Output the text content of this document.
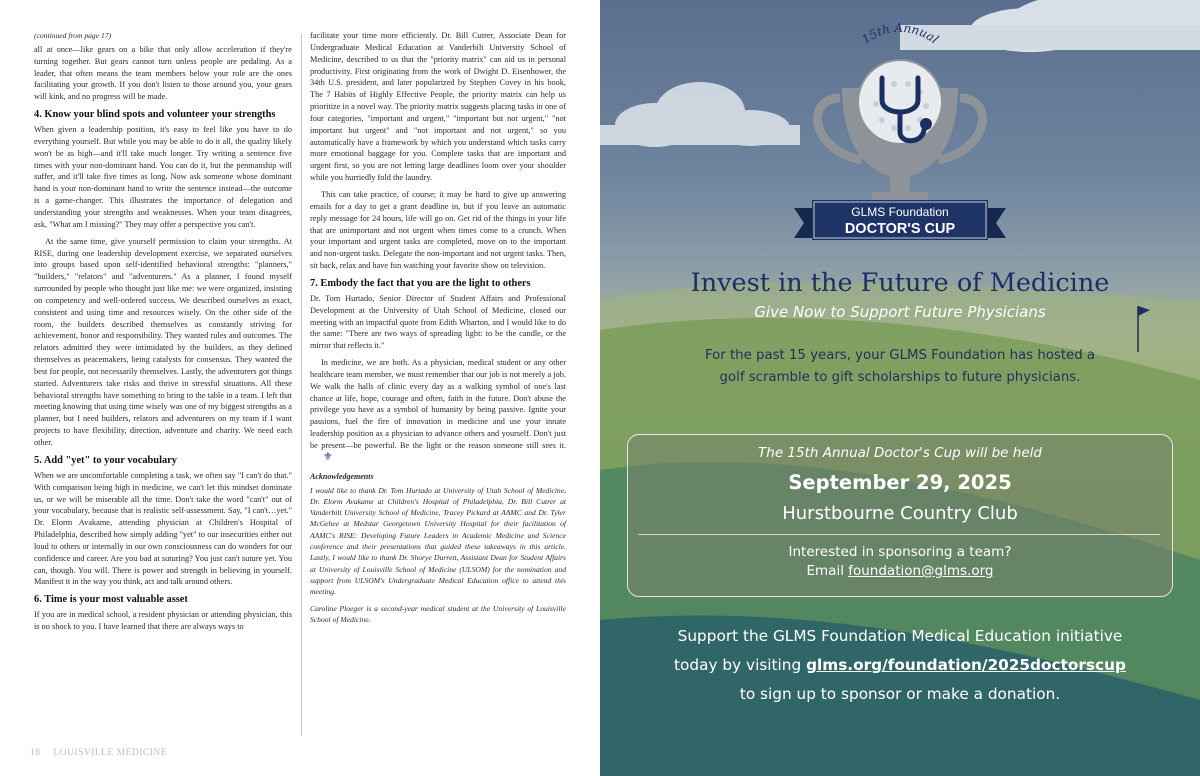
(continued from page 17)

all at once—like gears on a bike that only allow acceleration if they're turning together. But gears cannot turn unless people are pedaling. As a leader, that often means the team members below your role are the ones facilitating your growth. If you don't listen to those around you, your gears will kink, and no progress will be made.

4. Know your blind spots and volunteer your strengths

When given a leadership position, it's easy to feel like you have to do everything yourself. But while you may be able to do it all, the quality likely won't be as high—and it'll take much longer. Try writing a sentence five times with your non-dominant hand. You can do it, but the penmanship will suffer, and it'll take five times as long. Now ask someone whose dominant hand is your non-dominant hand to write the sentence instead—the outcome is a game-changer. This illustrates the importance of delegation and understanding your strengths and weaknesses. When your team disagrees, ask, "What am I missing?" They may offer a perspective you can't.

At the same time, give yourself permission to claim your strengths. At RISE, during one leadership development exercise, we separated ourselves into groups based upon self-identified behavioral strengths: "planners," "builders," "relators" and "adventurers." As a planner, I found myself surrounded by people who thought just like me: we were organized, insisting on competency and well-ordered success. We described ourselves as exact, consistent and using time and resources wisely. On the other side of the room, the builders described themselves as constantly striving for achievement, honor and responsibility. They wanted rules and outcomes. The relators admitted they were intimidated by the builders, as they defined themselves as peacemakers, being catalysts for consensus. They wanted the best for people, not necessarily themselves. Lastly, the adventurers got things started. Adventurers take risks and thrive in stressful situations. All these behavioral strengths have something to bring to the table in a team. I left that meeting knowing that using time wisely was one of my biggest strengths as a planner, but I need builders, relators and adventurers on my team if I want projects to have flexibility, direction, adventure and charity. We need each other.

5. Add "yet" to your vocabulary

When we are uncomfortable completing a task, we often say "I can't do that." With comparison being high in medicine, we can't let this mindset dominate us, or we will be miserable all the time. Don't take the word "can't" out of your vocabulary, because that is realistic self-assessment. Say, "I can't…yet." Dr. Elorm Avakame, attending physician at Children's Hospital of Philadelphia, described how simply adding "yet" to our insecurities either out loud to others or internally in our own consciousness can do wonders for our confidence and career. Are you bad at suturing? You just can't suture yet. You can, though. You will. There is power and strength in believing in yourself. Manifest it in the way you think, act and talk around others.

6. Time is your most valuable asset

If you are in medical school, a resident physician or attending physician, this is no shock to you. I have learned that there are always ways to

facilitate your time more efficiently. Dr. Bill Cutrer, Associate Dean for Undergraduate Medical Education at Vanderbilt University School of Medicine, described to us that the "priority matrix" can aid us in personal productivity. First originating from the work of Dwight D. Eisenhower, the 34th U.S. president, and later popularized by Stephen Covey in his book, The 7 Habits of Highly Effective People, the priority matrix can help us prioritize in a novel way. The priority matrix suggests placing tasks in one of four categories, "important and urgent," "important but not urgent," "not important but urgent" and "not important and not urgent," so you automatically have a framework by which you understand which tasks carry more emotional baggage for you. Complete tasks that are important and urgent first, so you are not letting large deadlines loom over your shoulder while you hurriedly fold the laundry.

This can take practice, of course; it may be hard to give up answering emails for a day to get a grant deadline in, but if you leave an automatic reply message for 24 hours, life will go on. Get rid of the things in your life that are unimportant and not urgent when times come to a crunch. When your important and urgent tasks are completed, move on to the important and non-urgent tasks. Delegate the non-important and not urgent tasks. Then, sit back, relax and have fun watching your favorite show on television.

7. Embody the fact that you are the light to others

Dr. Tom Hurtado, Senior Director of Student Affairs and Professional Development at the University of Utah School of Medicine, closed our meeting with an impactful quote from Edith Wharton, and I would like to do the same: "There are two ways of spreading light: to be the candle, or the mirror that reflects it."

In medicine, we are both. As a physician, medical student or any other healthcare team member, we must remember that our job is not merely a job. We walk the halls of clinic every day as a walking symbol of one's last chance at life, hope, courage and often, faith in the future. Don't abuse the privilege you have as a symbol of humanity by being passive. Ignite your passions, fuel the fire of innovation in medicine and use your innate leadership position as a physician to advance others and yourself. Don't just be present—be powerful. Be the light or the reason someone still sees it.⚜

Acknowledgements

I would like to thank Dr. Tom Hurtado at University of Utah School of Medicine, Dr. Elorm Avakame at Children's Hospital of Philadelphia, Dr. Bill Cutrer at Vanderbilt University School of Medicine, Tracey Pickard at AAMC and Dr. Tyler McGehee at Medstar Georgetown University Hospital for their facilitation of AAMC's RISE: Developing Future Leaders in Academic Medicine and Science conference and their presentations that guided these takeaways in this article. Lastly, I would like to thank Dr. Shorye Durrett, Assistant Dean for Student Affairs at University of Louisville School of Medicine (ULSOM) for the nomination and support from ULSOM's Undergraduate Medical Education office to attend this meeting.

Caroline Ploeger is a second-year medical student at the University of Louisville School of Medicine.

18 LOUISVILLE MEDICINE
15th Annual
GLMS Foundation
DOCTOR'S CUP
Invest in the Future of Medicine
Give Now to Support Future Physicians
For the past 15 years, your GLMS Foundation has hosted a golf scramble to gift scholarships to future physicians.
The 15th Annual Doctor's Cup will be held
September 29, 2025
Hurstbourne Country Club
Interested in sponsoring a team?
Email foundation@glms.org
Support the GLMS Foundation Medical Education initiative
today by visiting glms.org/foundation/2025doctorscup
to sign up to sponsor or make a donation.
